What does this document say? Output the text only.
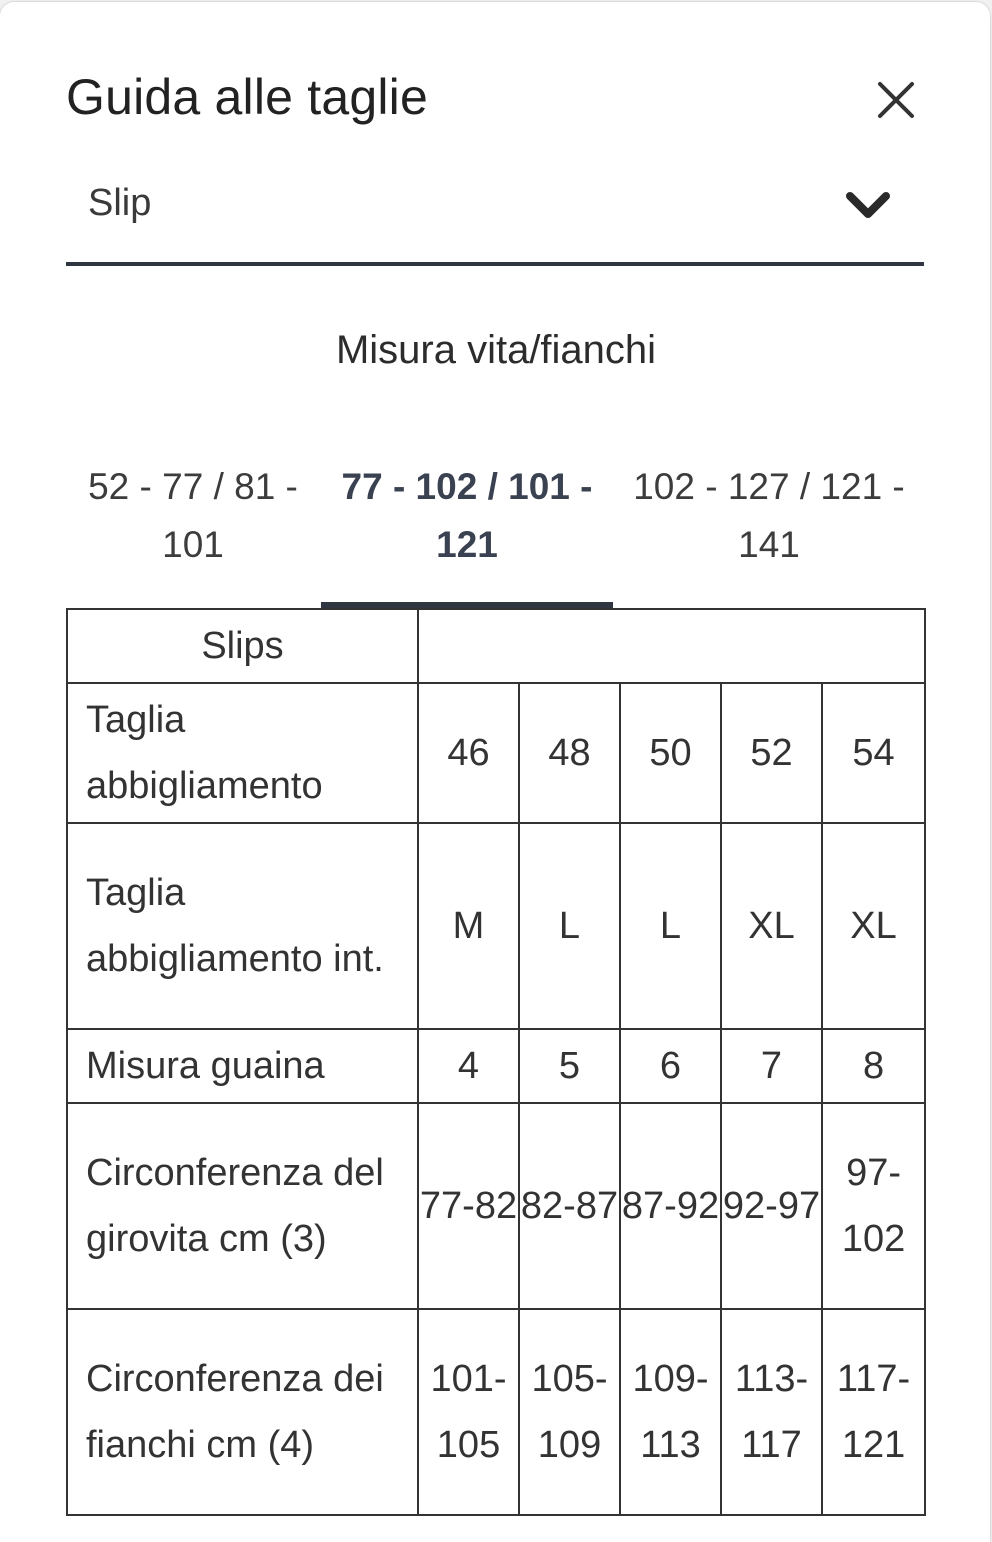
Guida alle taglie
Slip
Misura vita/fianchi
52 - 77 / 81 -
101
77 - 102 / 101 -
121
102 - 127 / 121 -
141
Slips					
Taglia abbigliamento	46	48	50	52	54
Taglia abbigliamento int.	M	L	L	XL	XL
Misura guaina	4	5	6	7	8
Circonferenza del girovita cm (3)	77-82	82-87	87-92	92-97	97-102
Circonferenza dei fianchi cm (4)	101-105	105-109	109-113	113-117	117-121
